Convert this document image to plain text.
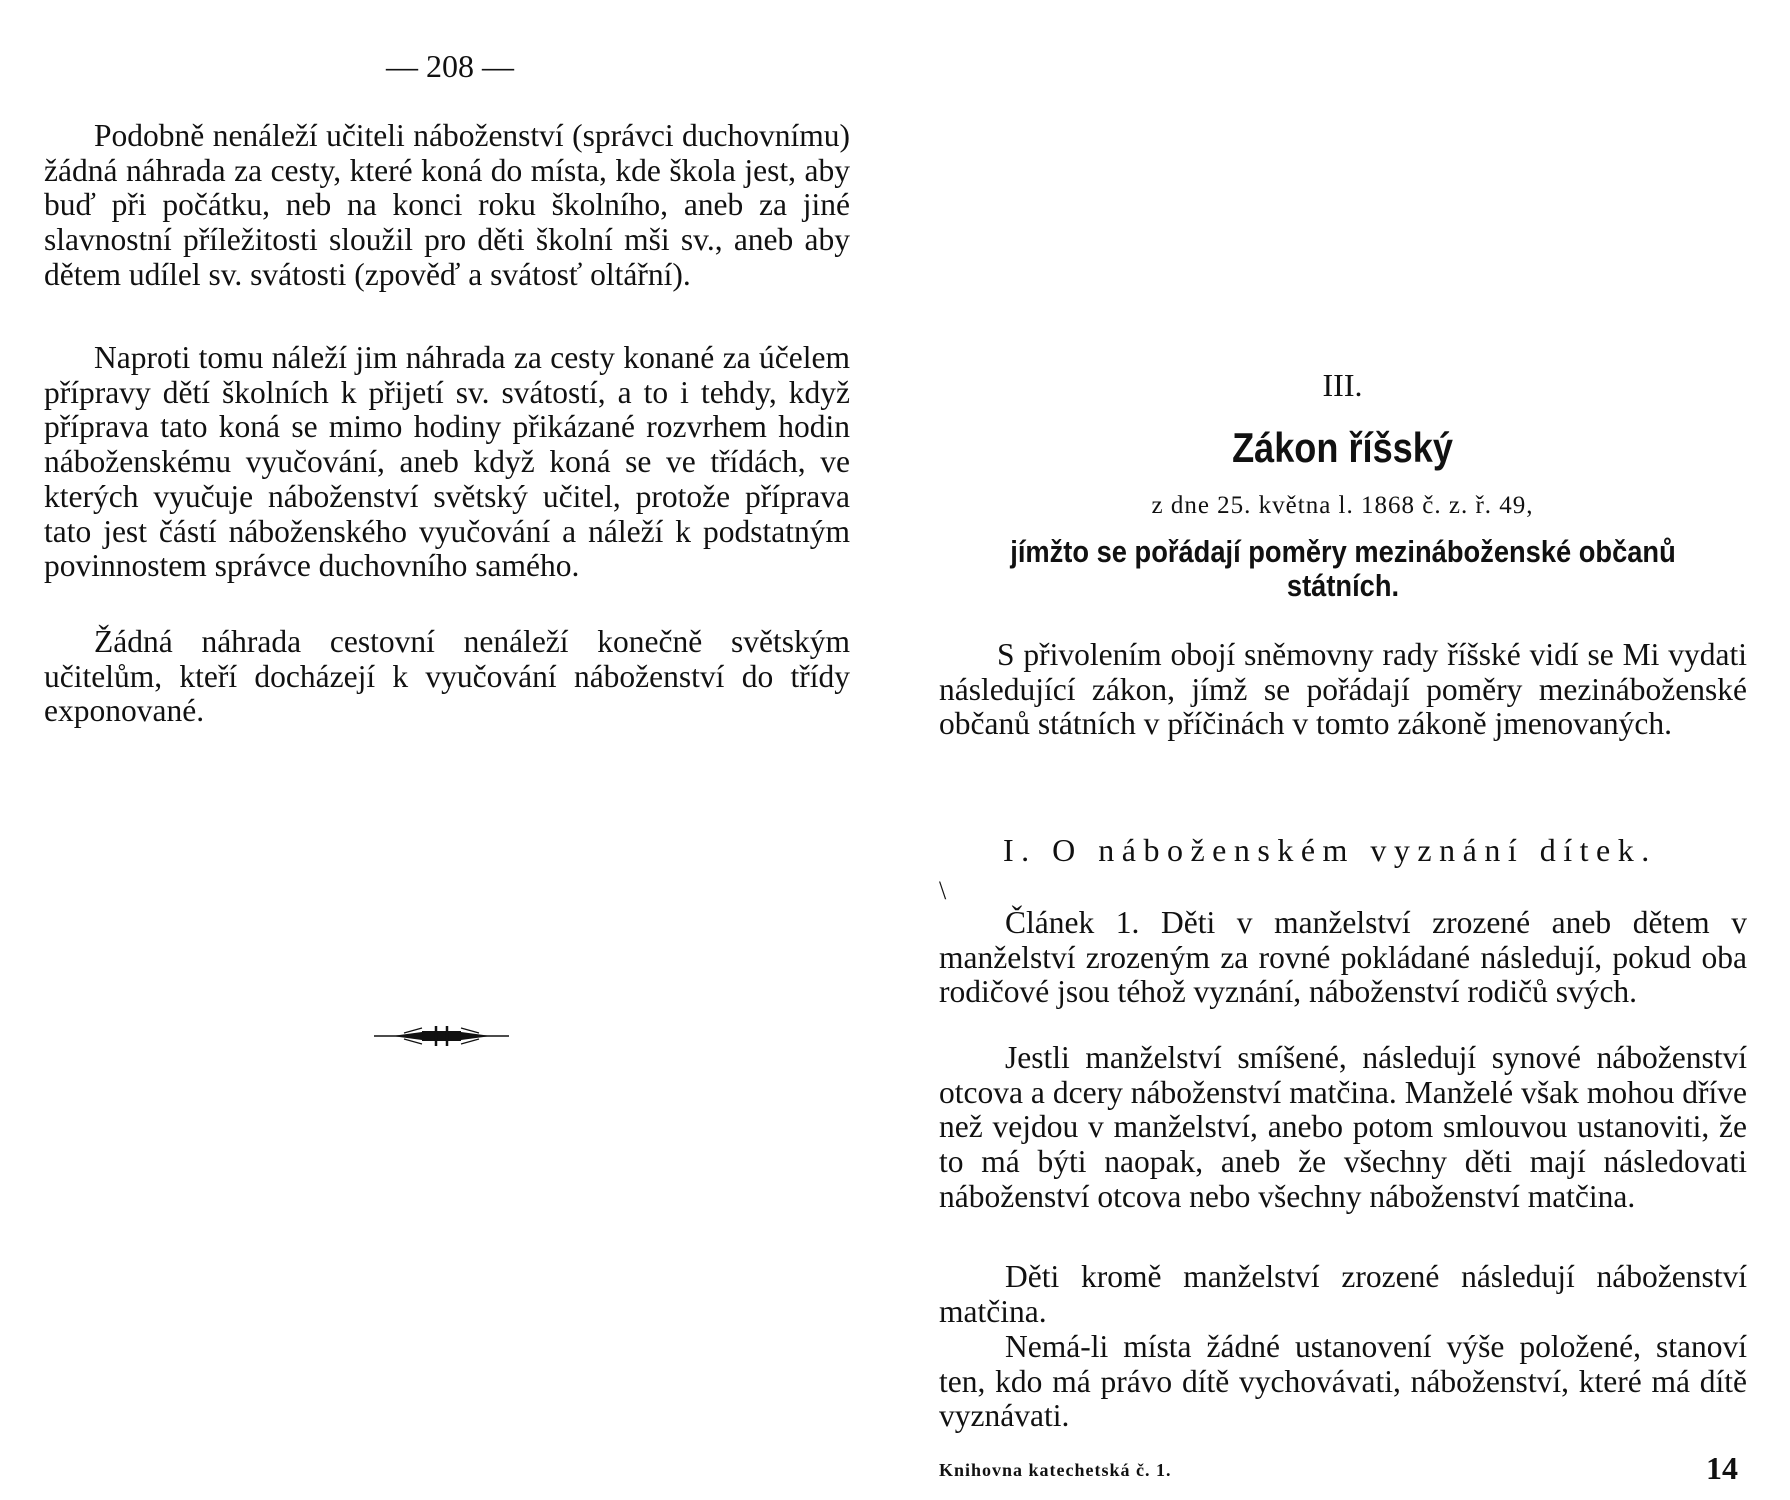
— 208 —

Podobně nenáleží učiteli náboženství (správci duchovnímu) žádná náhrada za cesty, které koná do místa, kde škola jest, aby buď při počátku, neb na konci roku školního, aneb za jiné slavnostní příležitosti sloužil pro děti školní mši sv., aneb aby dětem udílel sv. svátosti (zpověď a svátosť oltářní).

Naproti tomu náleží jim náhrada za cesty konané za účelem přípravy dětí školních k přijetí sv. svátostí, a to i tehdy, když příprava tato koná se mimo hodiny přikázané rozvrhem hodin náboženskému vyučování, aneb když koná se ve třídách, ve kterých vyučuje náboženství světský učitel, protože příprava tato jest částí náboženského vyučování a náleží k podstatným povinnostem správce duchovního samého.

Žádná náhrada cestovní nenáleží konečně světským učitelům, kteří docházejí k vyučování náboženství do třídy exponované.

III.
Zákon říšský
z dne 25. května l. 1868 č. z. ř. 49,
jímžto se pořádají poměry mezináboženské občanů státních.

S přivolením obojí sněmovny rady říšské vidí se Mi vydati následující zákon, jímž se pořádají poměry mezináboženské občanů státních v příčinách v tomto zákoně jmenovaných.

I. O náboženském vyznání dítek.
\

Článek 1. Děti v manželství zrozené aneb dětem v manželství zrozeným za rovné pokládané následují, pokud oba rodičové jsou téhož vyznání, náboženství rodičů svých.

Jestli manželství smíšené, následují synové náboženství otcova a dcery náboženství matčina. Manželé však mohou dříve než vejdou v manželství, anebo potom smlouvou ustanoviti, že to má býti naopak, aneb že všechny děti mají následovati náboženství otcova nebo všechny náboženství matčina.

Děti kromě manželství zrozené následují náboženství matčina.

Nemá-li místa žádné ustanovení výše položené, stanoví ten, kdo má právo dítě vychovávati, náboženství, které má dítě vyznávati.

Knihovna katechetská č. 1.	14
